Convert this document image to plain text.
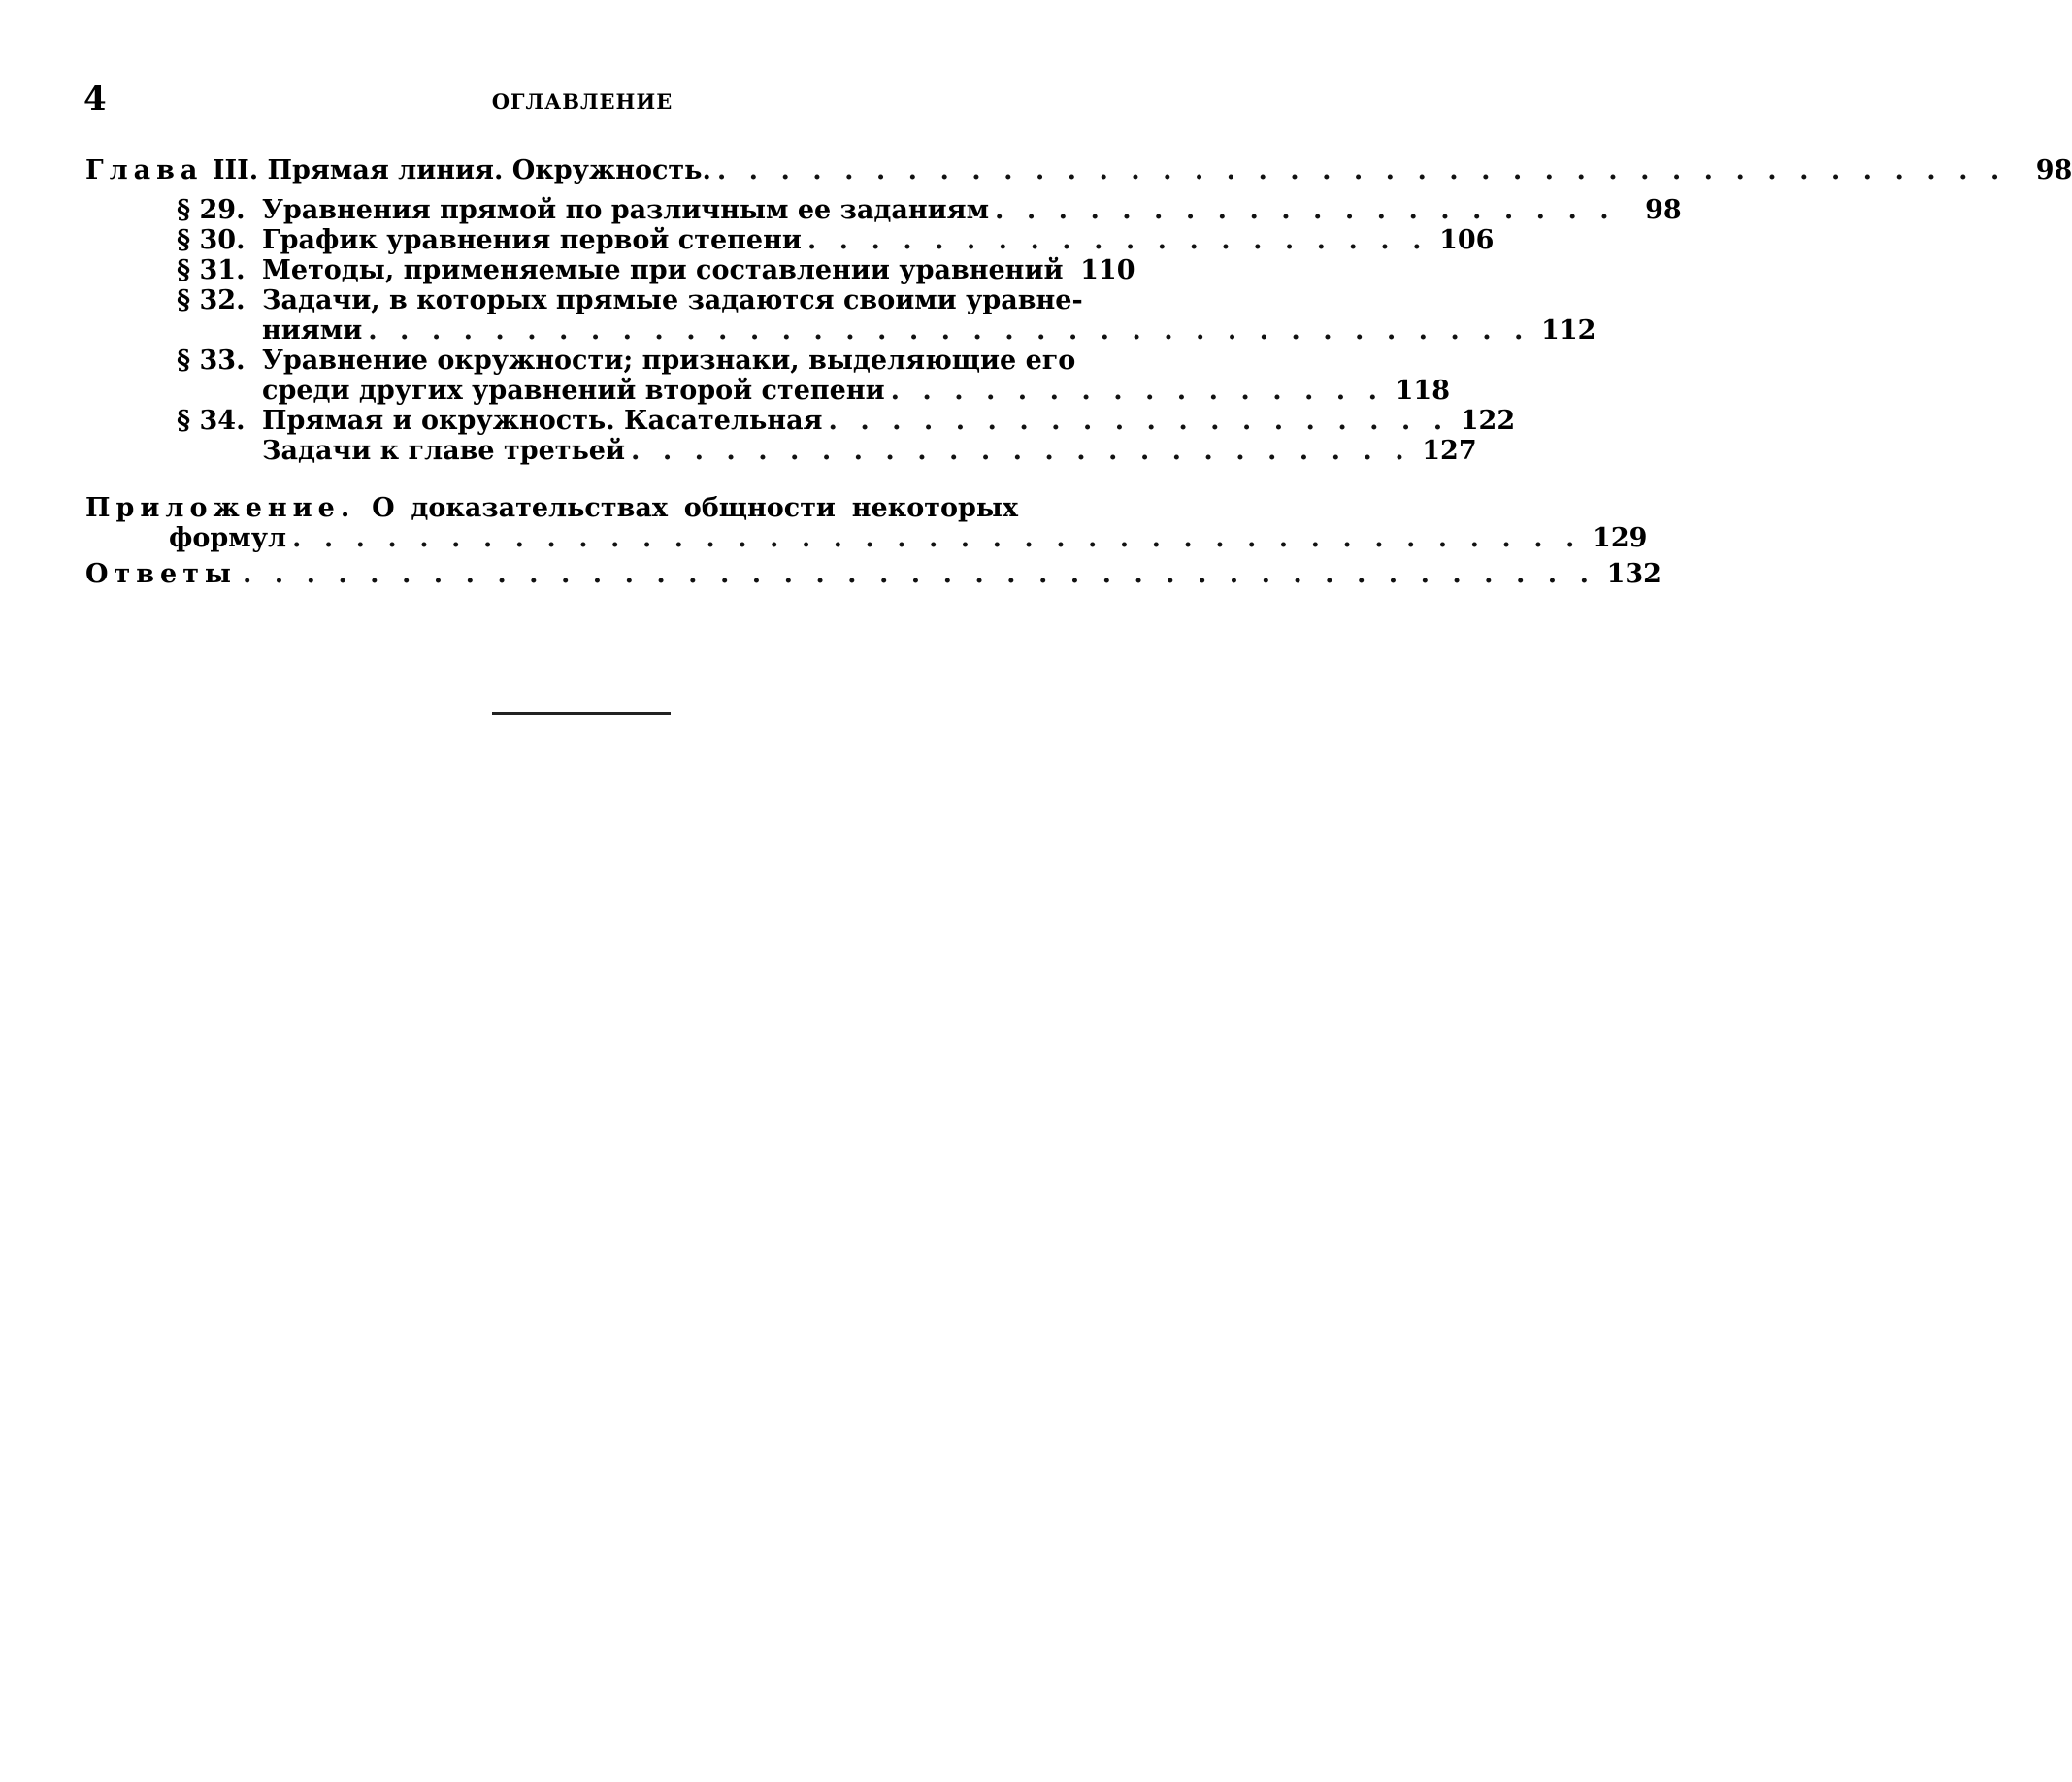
4	ОГЛАВЛЕНИЕ
Глава III. Прямая линия. Окружность. . . . . . . . . . . . . . . . . . . . . . . . . . . . . . . . . . . . . . . . . .	98
§ 29. Уравнения прямой по различным ее заданиям . . . . . . . . . . . . . . . . . . . .	98
§ 30. График уравнения первой степени . . . . . . . . . . . . . . . . . . . . 106
§ 31. Методы, применяемые при составлении уравнений 110
§ 32. Задачи, в которых прямые задаются своими уравне-
ниями . . . . . . . . . . . . . . . . . . . . . . . . . . . . . . . . . . . . . 112
§ 33. Уравнение окружности; признаки, выделяющие его
среди других уравнений второй степени . . . . . . . . . . . . . . . . 118
§ 34. Прямая и окружность. Касательная . . . . . . . . . . . . . . . . . . . . 122
Задачи к главе третьей . . . . . . . . . . . . . . . . . . . . . . . . . 127
Приложение. О доказательствах общности некоторых
формул . . . . . . . . . . . . . . . . . . . . . . . . . . . . . . . . . . . . . . . . . 129
Ответы . . . . . . . . . . . . . . . . . . . . . . . . . . . . . . . . . . . . . . . . . . . 132
